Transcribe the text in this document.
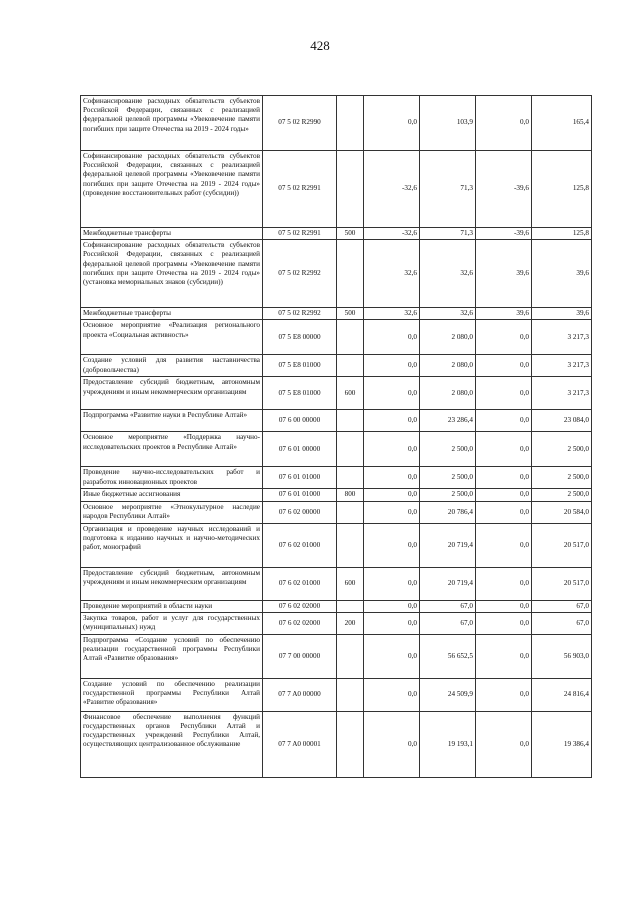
428
Софинансирование расходных обязательств субъектов Российской Федерации, связанных с реализацией федеральной целевой программы «Увековечение памяти погибших при защите Отечества на 2019 - 2024 годы»	07 5 02 R2990		0,0	103,9	0,0	165,4
Софинансирование расходных обязательств субъектов Российской Федерации, связанных с реализацией федеральной целевой программы «Увековечение памяти погибших при защите Отечества на 2019 - 2024 годы» (проведение восстановительных работ (субсидии))	07 5 02 R2991		-32,6	71,3	-39,6	125,8
Межбюджетные трансферты	07 5 02 R2991	500	-32,6	71,3	-39,6	125,8
Софинансирование расходных обязательств субъектов Российской Федерации, связанных с реализацией федеральной целевой программы «Увековечение памяти погибших при защите Отечества на 2019 - 2024 годы» (установка мемориальных знаков (субсидии))	07 5 02 R2992		32,6	32,6	39,6	39,6
Межбюджетные трансферты	07 5 02 R2992	500	32,6	32,6	39,6	39,6
Основное мероприятие «Реализация регионального проекта «Социальная активность»	07 5 E8 00000		0,0	2 080,0	0,0	3 217,3
Создание условий для развития наставничества (добровольчества)	07 5 E8 01000		0,0	2 080,0	0,0	3 217,3
Предоставление субсидий бюджетным, автономным учреждениям и иным некоммерческим организациям	07 5 E8 01000	600	0,0	2 080,0	0,0	3 217,3
Подпрограмма «Развитие науки в Республике Алтай»	07 6 00 00000		0,0	23 286,4	0,0	23 084,0
Основное мероприятие «Поддержка научно-исследовательских проектов в Республике Алтай»	07 6 01 00000		0,0	2 500,0	0,0	2 500,0
Проведение научно-исследовательских работ и разработок инновационных проектов	07 6 01 01000		0,0	2 500,0	0,0	2 500,0
Иные бюджетные ассигнования	07 6 01 01000	800	0,0	2 500,0	0,0	2 500,0
Основное мероприятие «Этнокультурное наследие народов Республики Алтай»	07 6 02 00000		0,0	20 786,4	0,0	20 584,0
Организация и проведение научных исследований и подготовка к изданию научных и научно-методических работ, монографий	07 6 02 01000		0,0	20 719,4	0,0	20 517,0
Предоставление субсидий бюджетным, автономным учреждениям и иным некоммерческим организациям	07 6 02 01000	600	0,0	20 719,4	0,0	20 517,0
Проведение мероприятий в области науки	07 6 02 02000		0,0	67,0	0,0	67,0
Закупка товаров, работ и услуг для государственных (муниципальных) нужд	07 6 02 02000	200	0,0	67,0	0,0	67,0
Подпрограмма «Создание условий по обеспечению реализации государственной программы Республики Алтай «Развитие образования»	07 7 00 00000		0,0	56 652,5	0,0	56 903,0
Создание условий по обеспечению реализации государственной программы Республики Алтай «Развитие образования»	07 7 A0 00000		0,0	24 509,9	0,0	24 816,4
Финансовое обеспечение выполнения функций государственных органов Республики Алтай и государственных учреждений Республики Алтай, осуществляющих централизованное обслуживание	07 7 A0 00001		0,0	19 193,1	0,0	19 386,4
